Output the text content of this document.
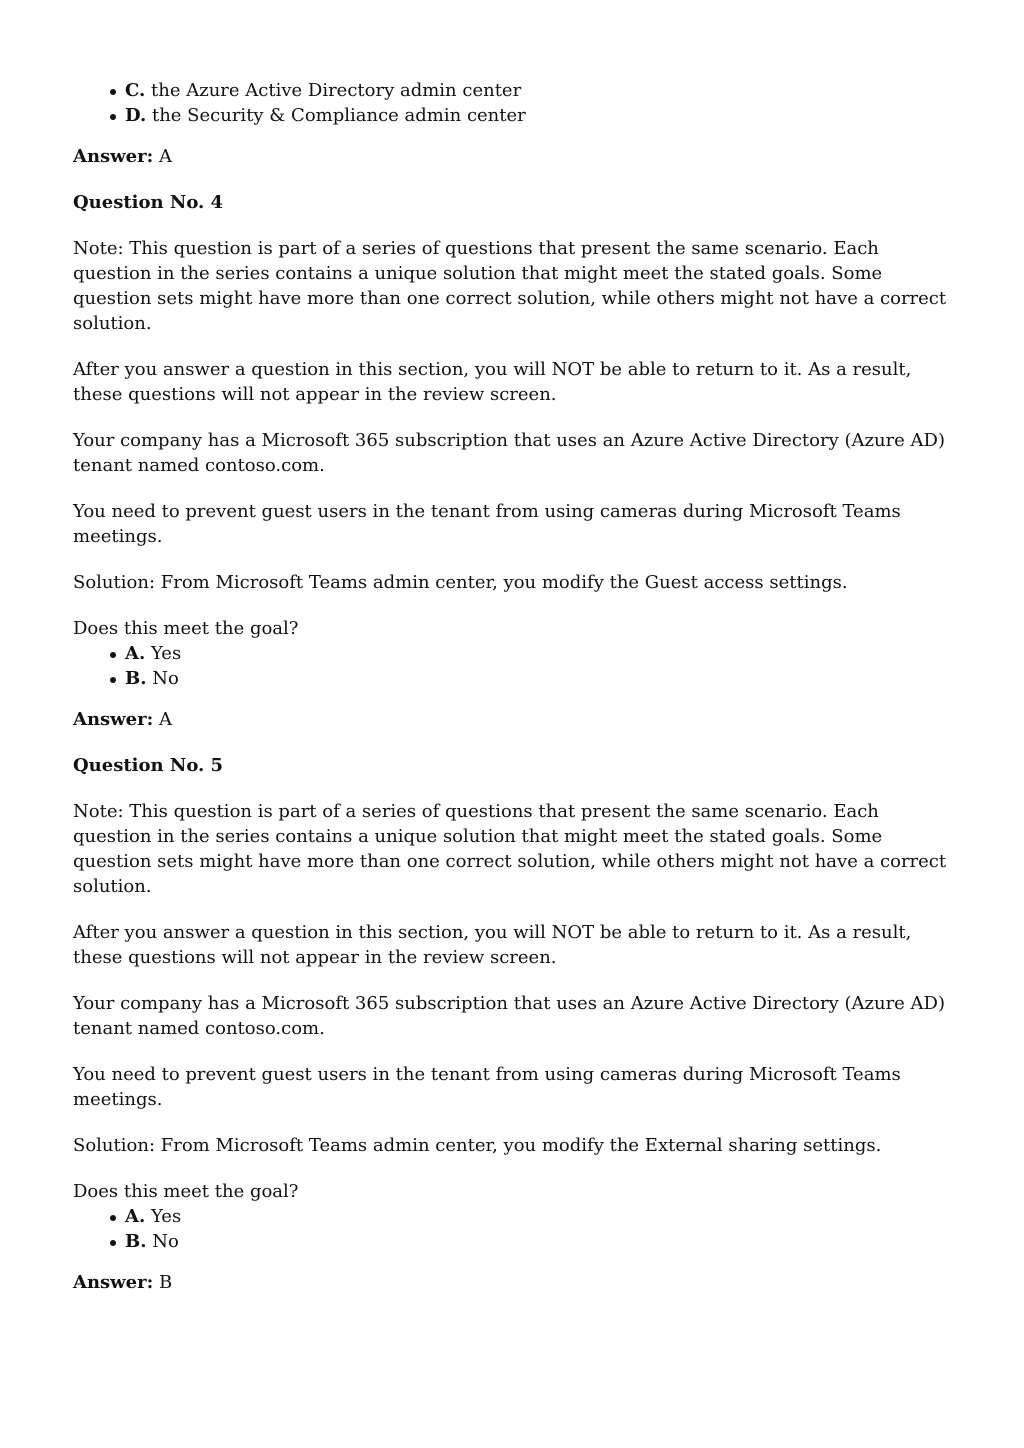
C. the Azure Active Directory admin center
D. the Security & Compliance admin center

Answer: A

Question No. 4

Note: This question is part of a series of questions that present the same scenario. Each question in the series contains a unique solution that might meet the stated goals. Some question sets might have more than one correct solution, while others might not have a correct solution.

After you answer a question in this section, you will NOT be able to return to it. As a result, these questions will not appear in the review screen.

Your company has a Microsoft 365 subscription that uses an Azure Active Directory (Azure AD) tenant named contoso.com.

You need to prevent guest users in the tenant from using cameras during Microsoft Teams meetings.

Solution: From Microsoft Teams admin center, you modify the Guest access settings.

Does this meet the goal?

A. Yes
B. No

Answer: A

Question No. 5

Note: This question is part of a series of questions that present the same scenario. Each question in the series contains a unique solution that might meet the stated goals. Some question sets might have more than one correct solution, while others might not have a correct solution.

After you answer a question in this section, you will NOT be able to return to it. As a result, these questions will not appear in the review screen.

Your company has a Microsoft 365 subscription that uses an Azure Active Directory (Azure AD) tenant named contoso.com.

You need to prevent guest users in the tenant from using cameras during Microsoft Teams meetings.

Solution: From Microsoft Teams admin center, you modify the External sharing settings.

Does this meet the goal?

A. Yes
B. No

Answer: B
